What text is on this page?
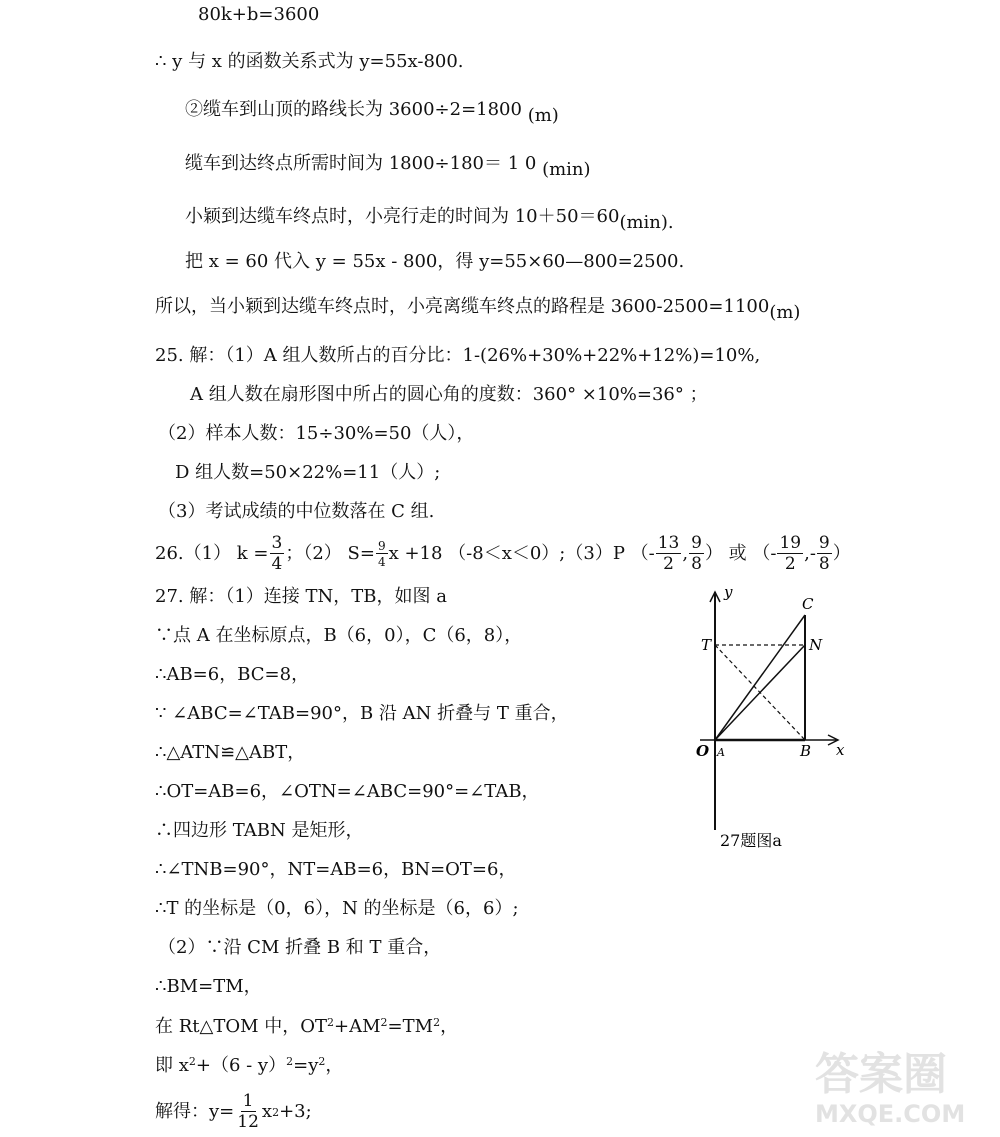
80k+b=3600
∴ y 与 x 的函数关系式为 y=55x-800.
②缆车到山顶的路线长为 3600÷2=1800 (m)
缆车到达终点所需时间为 1800÷180＝ 1 0 (min)
小颖到达缆车终点时，小亮行走的时间为 10＋50＝60(min).
把 x = 60 代入 y = 55x - 800，得 y=55×60—800=2500.
所以，当小颖到达缆车终点时，小亮离缆车终点的路程是 3600-2500=1100(m)
25. 解：（1）A 组人数所占的百分比：1-(26%+30%+22%+12%)=10%,
A 组人数在扇形图中所占的圆心角的度数：360° ×10%=36° ；
（2）样本人数：15÷30%=50（人），
D 组人数=50×22%=11（人）;
（3）考试成绩的中位数落在 C 组.
26.（1） $k = \frac{3}{4}$ ；（2） $S= \frac{9}{4}$ x +18 （-8＜x＜0）;（3）P （- $\frac{13}{2}$ , $\frac{9}{8}$ ） 或 （- $\frac{19}{2}$ ,- $\frac{9}{8}$ ）
27. 解：（1）连接 TN，TB，如图 a
∵点 A 在坐标原点，B（6，0），C（6，8），
∴AB=6，BC=8，
∵ ∠ABC=∠TAB=90°，B 沿 AN 折叠与 T 重合，
∴△ATN≌△ABT，
∴OT=AB=6，∠OTN=∠ABC=90°=∠TAB，
∴四边形 TABN 是矩形，
∴∠TNB=90°，NT=AB=6，BN=OT=6，
∴T 的坐标是（0，6），N 的坐标是（6，6）;
（2）∵沿 CM 折叠 B 和 T 重合，
∴BM=TM，
在 Rt△TOM 中，$OT^2+AM^2=TM^2$，
即 $x^2+(6 - y)^2=y^2$，
解得：$y= \frac{1}{12}$ x 2 +3;
y
x
C
T	N
O A	B
27题图a
答案圈
MXQE.COM
